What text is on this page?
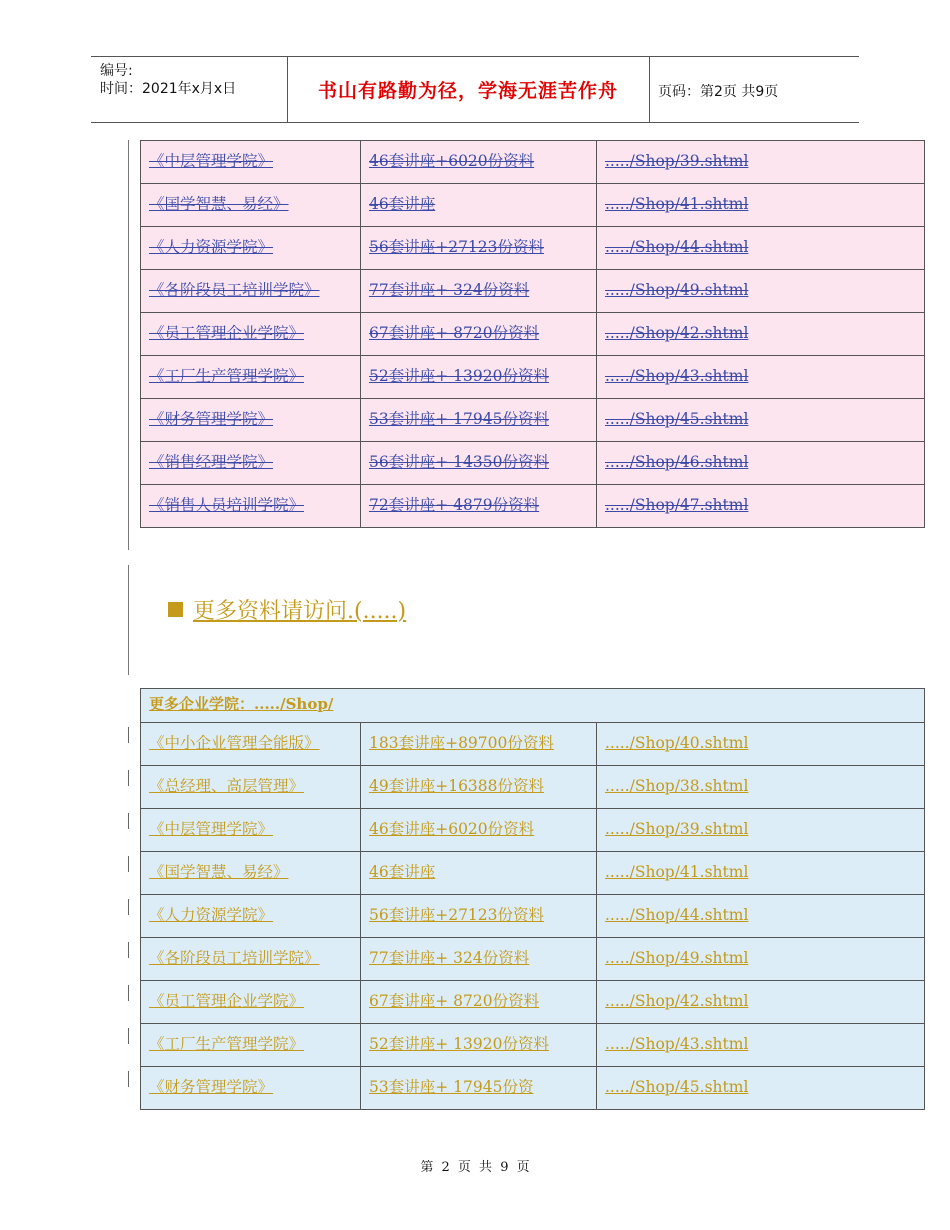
编号:
时间：2021年x月x日	书山有路勤为径，学海无涯苦作舟	页码：第2页 共9页
《中层管理学院》	46套讲座+6020份资料	...../Shop/39.shtml
《国学智慧、易经》	46套讲座	...../Shop/41.shtml
《人力资源学院》	56套讲座+27123份资料	...../Shop/44.shtml
《各阶段员工培训学院》	77套讲座+ 324份资料	...../Shop/49.shtml
《员工管理企业学院》	67套讲座+ 8720份资料	...../Shop/42.shtml
《工厂生产管理学院》	52套讲座+ 13920份资料	...../Shop/43.shtml
《财务管理学院》	53套讲座+ 17945份资料	...../Shop/45.shtml
《销售经理学院》	56套讲座+ 14350份资料	...../Shop/46.shtml
《销售人员培训学院》	72套讲座+ 4879份资料	...../Shop/47.shtml
更多资料请访问.(.....)
更多企业学院：...../Shop/		
《中小企业管理全能版》	183套讲座+89700份资料	...../Shop/40.shtml
《总经理、高层管理》	49套讲座+16388份资料	...../Shop/38.shtml
《中层管理学院》	46套讲座+6020份资料	...../Shop/39.shtml
《国学智慧、易经》	46套讲座	...../Shop/41.shtml
《人力资源学院》	56套讲座+27123份资料	...../Shop/44.shtml
《各阶段员工培训学院》	77套讲座+ 324份资料	...../Shop/49.shtml
《员工管理企业学院》	67套讲座+ 8720份资料	...../Shop/42.shtml
《工厂生产管理学院》	52套讲座+ 13920份资料	...../Shop/43.shtml
《财务管理学院》	53套讲座+ 17945份资	...../Shop/45.shtml
第 2 页 共 9 页
